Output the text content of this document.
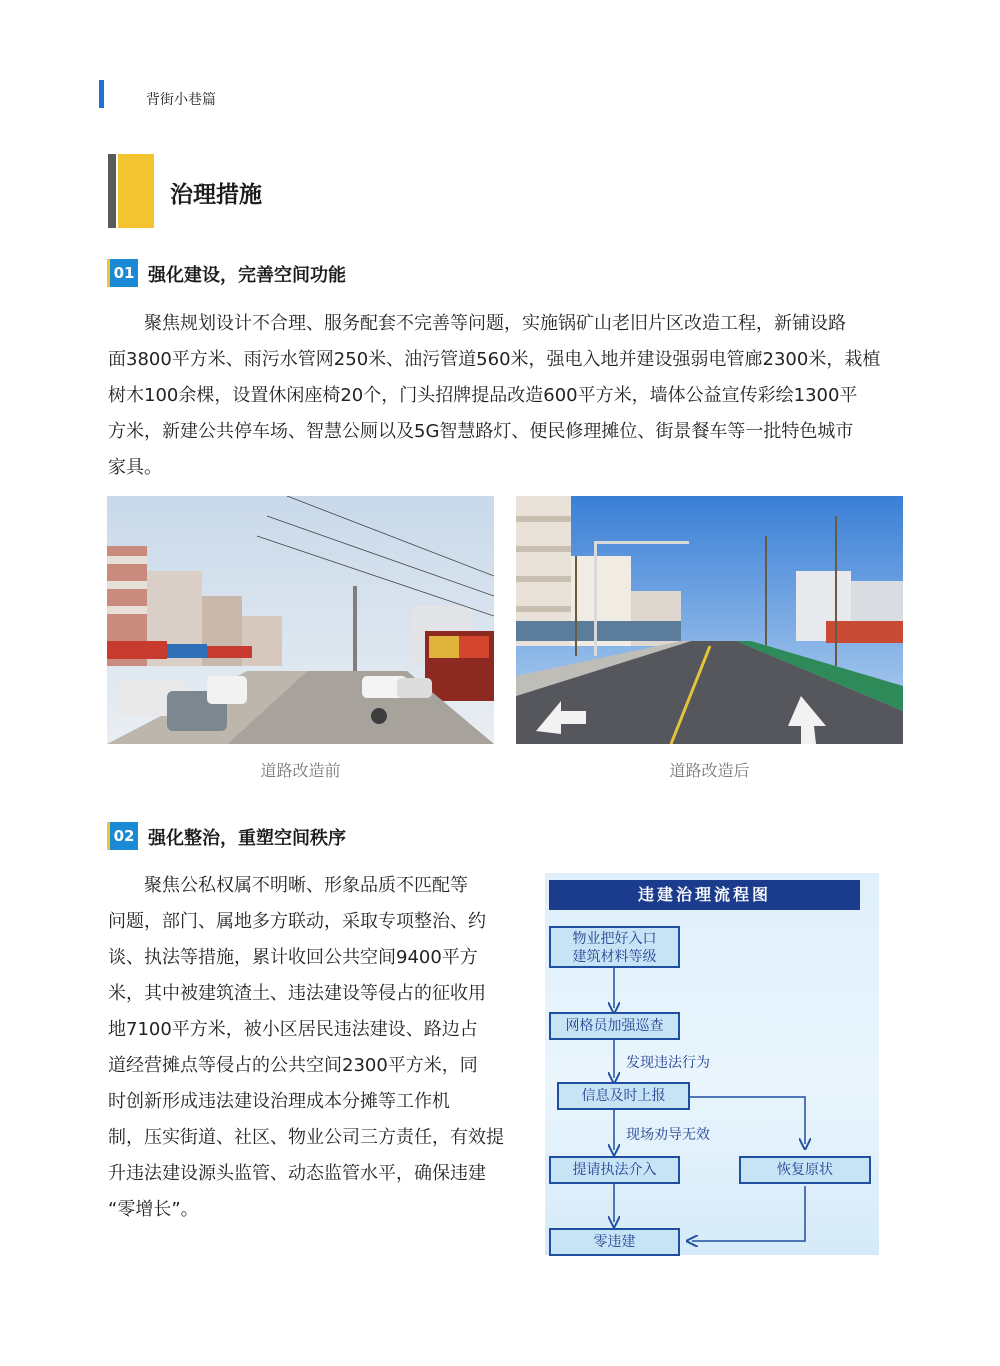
背街小巷篇
治理措施
01 强化建设，完善空间功能

聚焦规划设计不合理、服务配套不完善等问题，实施锅矿山老旧片区改造工程，新铺设路
面3800平方米、雨污水管网250米、油污管道560米，强电入地并建设强弱电管廊2300米，栽植
树木100余棵，设置休闲座椅20个，门头招牌提品改造600平方米，墙体公益宣传彩绘1300平
方米，新建公共停车场、智慧公厕以及5G智慧路灯、便民修理摊位、街景餐车等一批特色城市
家具。

道路改造前	道路改造后
02 强化整治，重塑空间秩序

聚焦公私权属不明晰、形象品质不匹配等
问题，部门、属地多方联动，采取专项整治、约
谈、执法等措施，累计收回公共空间9400平方
米，其中被建筑渣土、违法建设等侵占的征收用
地7100平方米，被小区居民违法建设、路边占
道经营摊点等侵占的公共空间2300平方米，同
时创新形成违法建设治理成本分摊等工作机
制，压实街道、社区、物业公司三方责任，有效提
升违法建设源头监管、动态监管水平，确保违建
“零增长”。

违建治理流程图
物业把好入口
建筑材料等级
网格员加强巡查
发现违法行为
信息及时上报
现场劝导无效
提请执法介入	恢复原状
零违建
